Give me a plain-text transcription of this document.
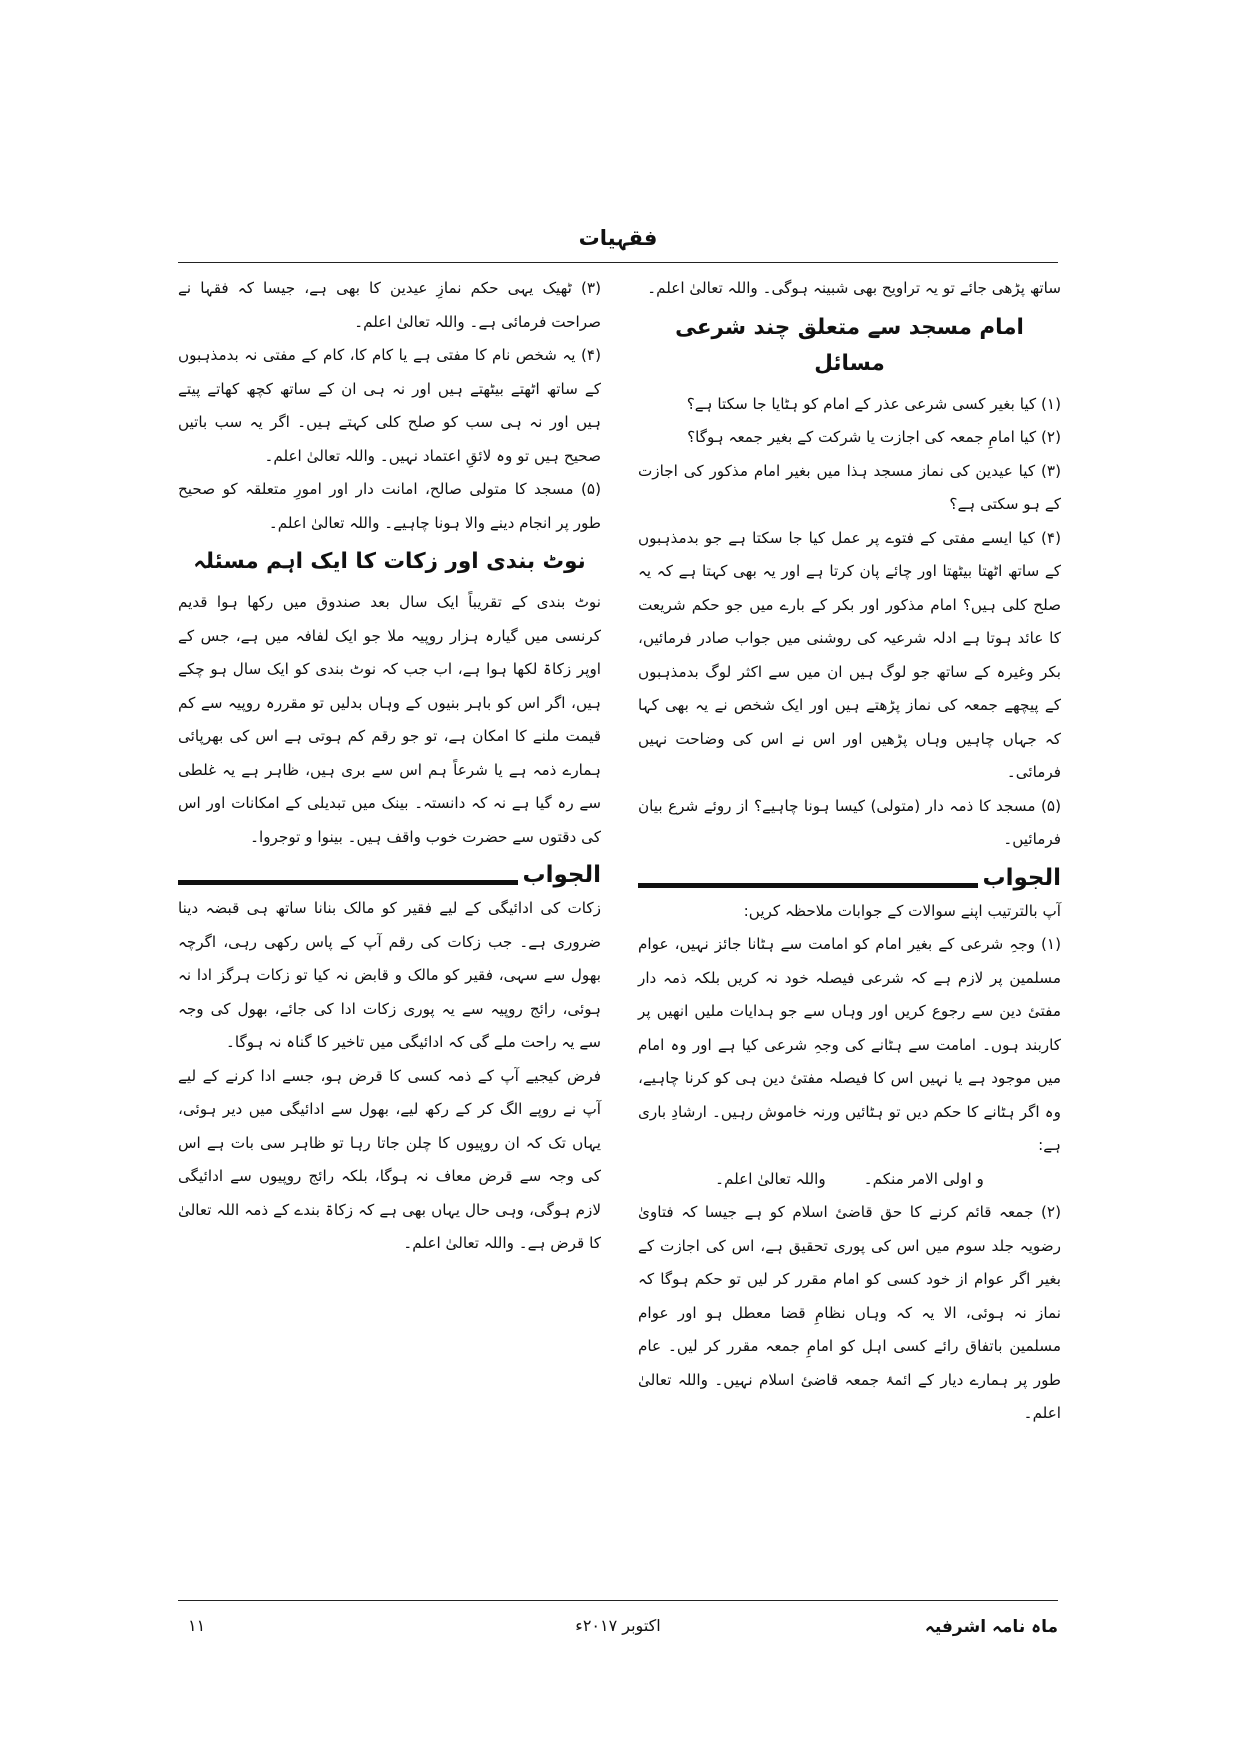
فقہیات

ساتھ پڑھی جائے تو یہ تراویح بھی شبینہ ہوگی۔ واللہ تعالیٰ اعلم۔

امام مسجد سے متعلق چند شرعی مسائل

(۱) کیا بغیر کسی شرعی عذر کے امام کو ہٹایا جا سکتا ہے؟

(۲) کیا امامِ جمعہ کی اجازت یا شرکت کے بغیر جمعہ ہوگا؟

(۳) کیا عیدین کی نماز مسجد ہذا میں بغیر امام مذکور کی اجازت کے ہو سکتی ہے؟

(۴) کیا ایسے مفتی کے فتوے پر عمل کیا جا سکتا ہے جو بدمذہبوں کے ساتھ اٹھتا بیٹھتا اور چائے پان کرتا ہے اور یہ بھی کہتا ہے کہ یہ صلح کلی ہیں؟ امام مذکور اور بکر کے بارے میں جو حکم شریعت کا عائد ہوتا ہے ادلہ شرعیہ کی روشنی میں جواب صادر فرمائیں، بکر وغیرہ کے ساتھ جو لوگ ہیں ان میں سے اکثر لوگ بدمذہبوں کے پیچھے جمعہ کی نماز پڑھتے ہیں اور ایک شخص نے یہ بھی کہا کہ جہاں چاہیں وہاں پڑھیں اور اس نے اس کی وضاحت نہیں فرمائی۔

(۵) مسجد کا ذمہ دار (متولی) کیسا ہونا چاہیے؟ از روئے شرع بیان فرمائیں۔

الجواب

آپ بالترتیب اپنے سوالات کے جوابات ملاحظہ کریں:

(۱) وجہِ شرعی کے بغیر امام کو امامت سے ہٹانا جائز نہیں، عوام مسلمین پر لازم ہے کہ شرعی فیصلہ خود نہ کریں بلکہ ذمہ دار مفتیٔ دین سے رجوع کریں اور وہاں سے جو ہدایات ملیں انھیں پر کاربند ہوں۔ امامت سے ہٹانے کی وجہِ شرعی کیا ہے اور وہ امام میں موجود ہے یا نہیں اس کا فیصلہ مفتیٔ دین ہی کو کرنا چاہیے، وہ اگر ہٹانے کا حکم دیں تو ہٹائیں ورنہ خاموش رہیں۔ ارشادِ باری ہے:

و اولی الامر منکم۔واللہ تعالیٰ اعلم۔

(۲) جمعہ قائم کرنے کا حق قاضیٔ اسلام کو ہے جیسا کہ فتاویٰ رضویہ جلد سوم میں اس کی پوری تحقیق ہے، اس کی اجازت کے بغیر اگر عوام از خود کسی کو امام مقرر کر لیں تو حکم ہوگا کہ نماز نہ ہوئی، الا یہ کہ وہاں نظامِ قضا معطل ہو اور عوام مسلمین باتفاق رائے کسی اہل کو امامِ جمعہ مقرر کر لیں۔ عام طور پر ہمارے دیار کے ائمۂ جمعہ قاضیٔ اسلام نہیں۔ واللہ تعالیٰ اعلم۔

(۳) ٹھیک یہی حکم نمازِ عیدین کا بھی ہے، جیسا کہ فقہا نے صراحت فرمائی ہے۔ واللہ تعالیٰ اعلم۔

(۴) یہ شخص نام کا مفتی ہے یا کام کا، کام کے مفتی نہ بدمذہبوں کے ساتھ اٹھتے بیٹھتے ہیں اور نہ ہی ان کے ساتھ کچھ کھاتے پیتے ہیں اور نہ ہی سب کو صلح کلی کہتے ہیں۔ اگر یہ سب باتیں صحیح ہیں تو وہ لائقِ اعتماد نہیں۔ واللہ تعالیٰ اعلم۔

(۵) مسجد کا متولی صالح، امانت دار اور امورِ متعلقہ کو صحیح طور پر انجام دینے والا ہونا چاہیے۔ واللہ تعالیٰ اعلم۔

نوٹ بندی اور زکات کا ایک اہم مسئلہ

نوٹ بندی کے تقریباً ایک سال بعد صندوق میں رکھا ہوا قدیم کرنسی میں گیارہ ہزار روپیہ ملا جو ایک لفافہ میں ہے، جس کے اوپر زکاۃ لکھا ہوا ہے، اب جب کہ نوٹ بندی کو ایک سال ہو چکے ہیں، اگر اس کو باہر بنیوں کے وہاں بدلیں تو مقررہ روپیہ سے کم قیمت ملنے کا امکان ہے، تو جو رقم کم ہوتی ہے اس کی بھرپائی ہمارے ذمہ ہے یا شرعاً ہم اس سے بری ہیں، ظاہر ہے یہ غلطی سے رہ گیا ہے نہ کہ دانستہ۔ بینک میں تبدیلی کے امکانات اور اس کی دقتوں سے حضرت خوب واقف ہیں۔ بینوا و توجروا۔

الجواب

زکات کی ادائیگی کے لیے فقیر کو مالک بنانا ساتھ ہی قبضہ دینا ضروری ہے۔ جب زکات کی رقم آپ کے پاس رکھی رہی، اگرچہ بھول سے سہی، فقیر کو مالک و قابض نہ کیا تو زکات ہرگز ادا نہ ہوئی، رائج روپیہ سے یہ پوری زکات ادا کی جائے، بھول کی وجہ سے یہ راحت ملے گی کہ ادائیگی میں تاخیر کا گناہ نہ ہوگا۔

فرض کیجیے آپ کے ذمہ کسی کا قرض ہو، جسے ادا کرنے کے لیے آپ نے روپے الگ کر کے رکھ لیے، بھول سے ادائیگی میں دیر ہوئی، یہاں تک کہ ان روپیوں کا چلن جاتا رہا تو ظاہر سی بات ہے اس کی وجہ سے قرض معاف نہ ہوگا، بلکہ رائج روپیوں سے ادائیگی لازم ہوگی، وہی حال یہاں بھی ہے کہ زکاۃ بندے کے ذمہ اللہ تعالیٰ کا قرض ہے۔ واللہ تعالیٰ اعلم۔

ماہ نامہ اشرفیہ
اکتوبر ۲۰۱۷ء
۱۱
